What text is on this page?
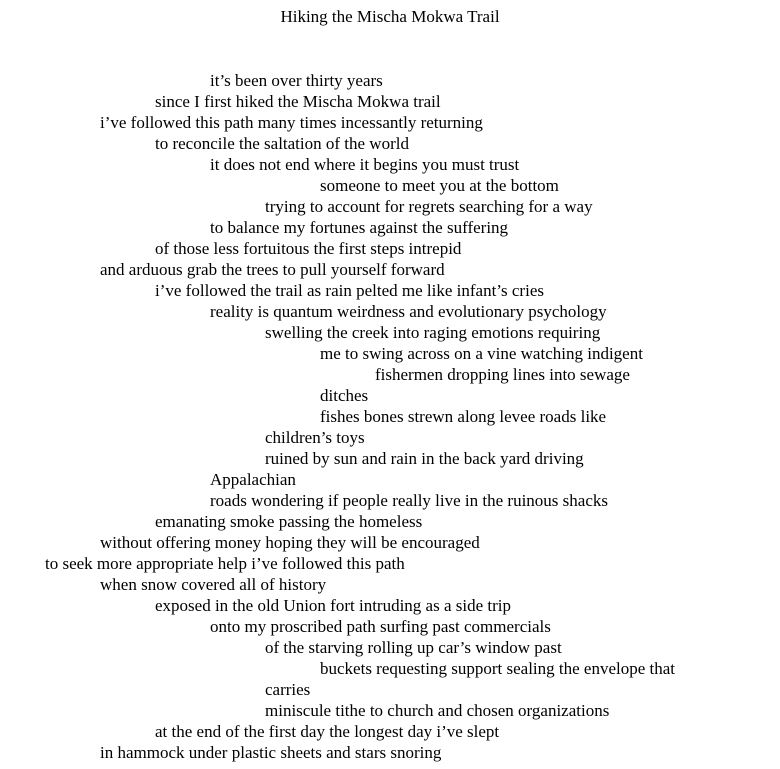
Hiking the Mischa Mokwa Trail
it’s been over thirty years
since I first hiked the Mischa Mokwa trail
i’ve followed this path many times incessantly returning
to reconcile the saltation of the world
it does not end where it begins you must trust
someone to meet you at the bottom
trying to account for regrets searching for a way
to balance my fortunes against the suffering
of those less fortuitous the first steps intrepid
and arduous grab the trees to pull yourself forward
i’ve followed the trail as rain pelted me like infant’s cries
reality is quantum weirdness and evolutionary psychology
swelling the creek into raging emotions requiring
me to swing across on a vine watching indigent
fishermen dropping lines into sewage
ditches
fishes bones strewn along levee roads like
children’s toys
ruined by sun and rain in the back yard driving
Appalachian
roads wondering if people really live in the ruinous shacks
emanating smoke passing the homeless
without offering money hoping they will be encouraged
to seek more appropriate help i’ve followed this path
when snow covered all of history
exposed in the old Union fort intruding as a side trip
onto my proscribed path surfing past commercials
of the starving rolling up car’s window past
buckets requesting support sealing the envelope that
carries
miniscule tithe to church and chosen organizations
at the end of the first day the longest day i’ve slept
in hammock under plastic sheets and stars snoring
